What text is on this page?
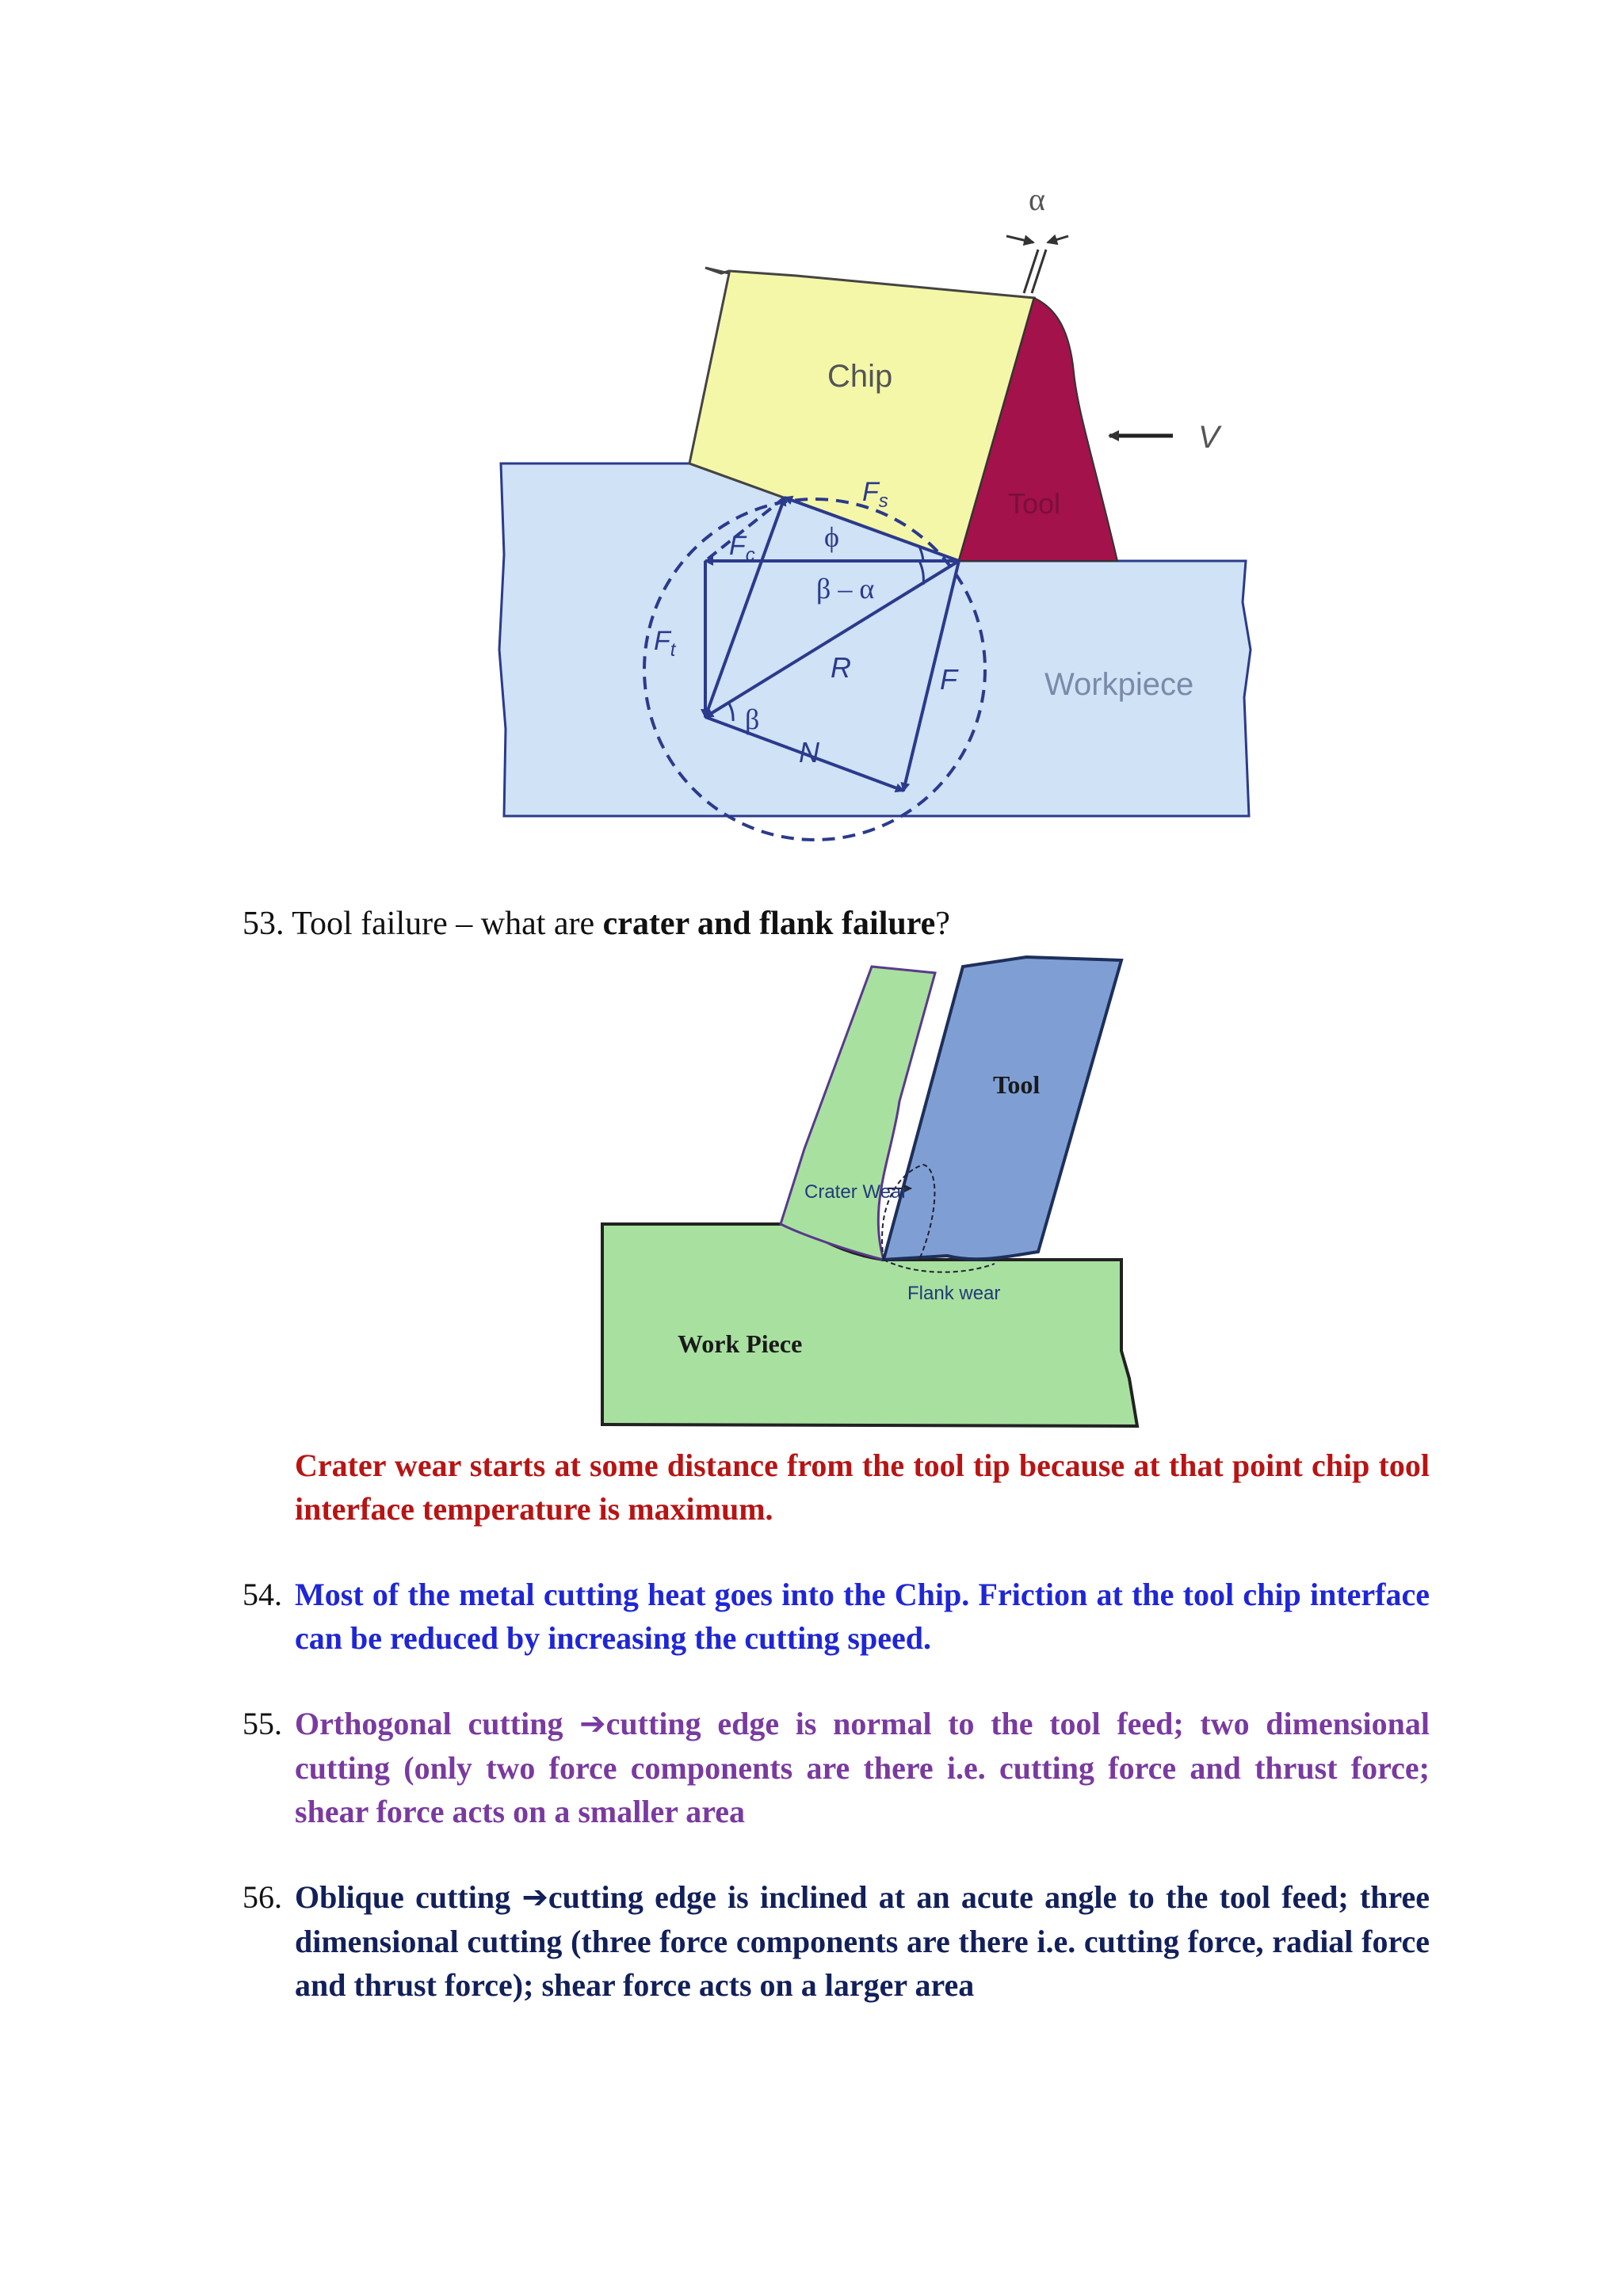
Chip
Tool
Workpiece
α
V
$F_s$
ϕ
β – α
$F_c$
$F_t$
R	F
β
N
53. Tool failure – what are crater and flank failure?
Tool
Crater Wear
Flank wear
Work Piece
Crater wear starts at some distance from the tool tip because at that point chip tool interface temperature is maximum.
54. Most of the metal cutting heat goes into the Chip. Friction at the tool chip interface can be reduced by increasing the cutting speed.
55. Orthogonal cutting ➔cutting edge is normal to the tool feed; two dimensional cutting (only two force components are there i.e. cutting force and thrust force; shear force acts on a smaller area
56. Oblique cutting ➔cutting edge is inclined at an acute angle to the tool feed; three dimensional cutting (three force components are there i.e. cutting force, radial force and thrust force); shear force acts on a larger area
